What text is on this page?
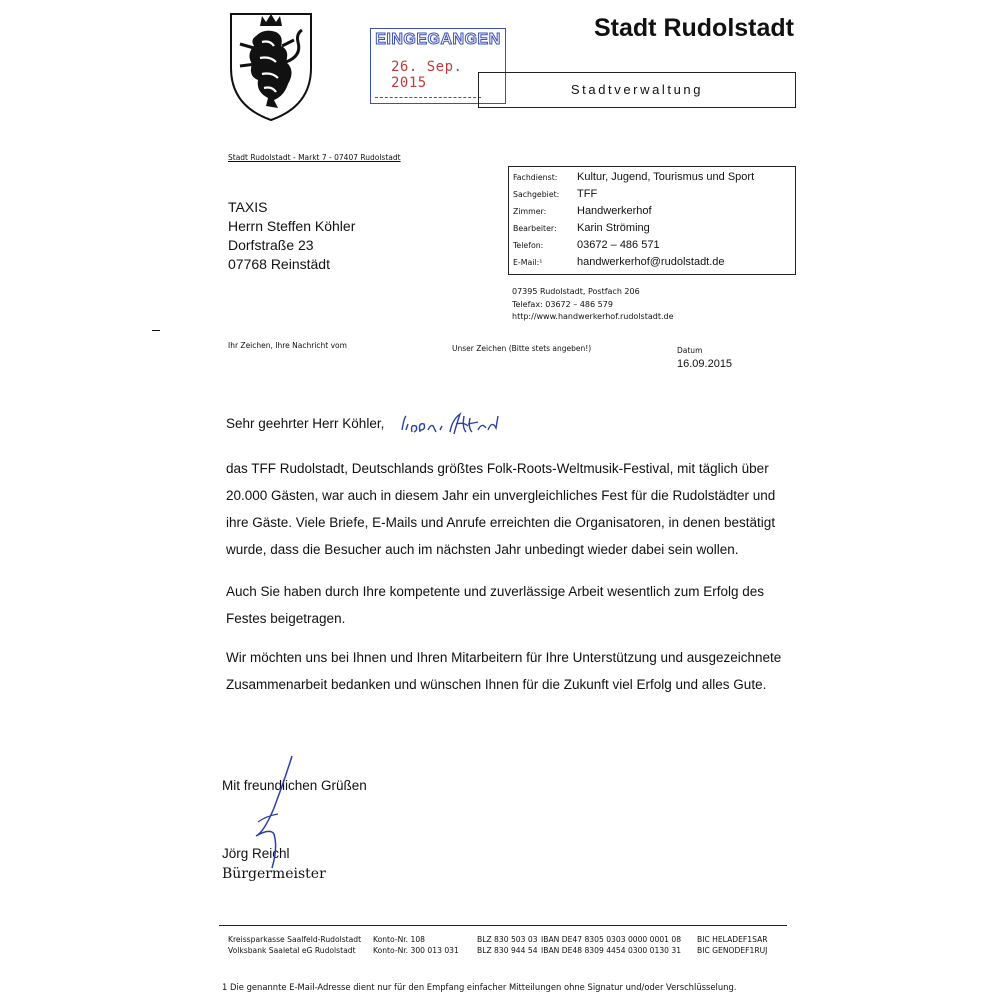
EINGEGANGEN
26. Sep. 2015
Stadt Rudolstadt
Stadtverwaltung
Stadt Rudolstadt - Markt 7 - 07407 Rudolstadt
TAXIS
Herrn Steffen Köhler
Dorfstraße 23
07768 Reinstädt
Fachdienst: Kultur, Jugend, Tourismus und Sport
Sachgebiet: TFF
Zimmer:	Handwerkerhof
Bearbeiter: Karin Ströming
Telefon:	03672 – 486 571
E-Mail:¹	handwerkerhof@rudolstadt.de
07395 Rudolstadt, Postfach 206
Telefax: 03672 – 486 579
http://www.handwerkerhof.rudolstadt.de
Ihr Zeichen, Ihre Nachricht vom	Unser Zeichen (Bitte stets angeben!)	Datum
16.09.2015
Sehr geehrter Herr Köhler,

das TFF Rudolstadt, Deutschlands größtes Folk-Roots-Weltmusik-Festival, mit täglich über 20.000 Gästen, war auch in diesem Jahr ein unvergleichliches Fest für die Rudolstädter und ihre Gäste. Viele Briefe, E-Mails und Anrufe erreichten die Organisatoren, in denen bestätigt wurde, dass die Besucher auch im nächsten Jahr unbedingt wieder dabei sein wollen.

Auch Sie haben durch Ihre kompetente und zuverlässige Arbeit wesentlich zum Erfolg des Festes beigetragen.

Wir möchten uns bei Ihnen und Ihren Mitarbeitern für Ihre Unterstützung und ausgezeichnete Zusammenarbeit bedanken und wünschen Ihnen für die Zukunft viel Erfolg und alles Gute.

Mit freundlichen Grüßen
Jörg Reichl
Bürgermeister
Kreissparkasse Saalfeld-Rudolstadt Konto-Nr. 108	BLZ 830 503 03 IBAN DE47 8305 0303 0000 0001 08 BIC HELADEF1SAR
Volksbank Saaletal eG Rudolstadt Konto-Nr. 300 013 031 BLZ 830 944 54 IBAN DE48 8309 4454 0300 0130 31 BIC GENODEF1RUJ
1 Die genannte E-Mail-Adresse dient nur für den Empfang einfacher Mitteilungen ohne Signatur und/oder Verschlüsselung.
